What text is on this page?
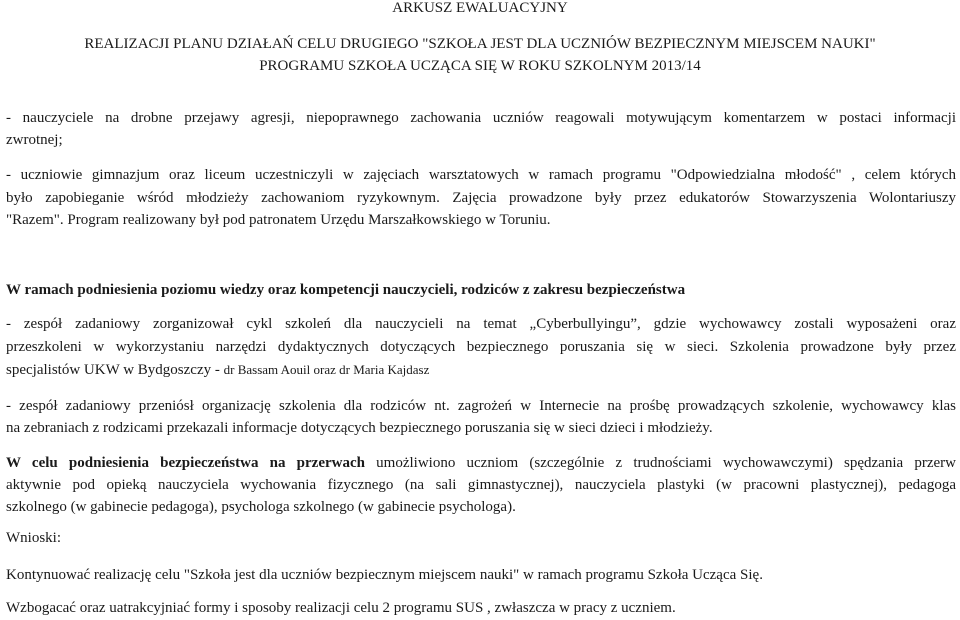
ARKUSZ EWALUACYJNY
REALIZACJI PLANU DZIAŁAŃ CELU DRUGIEGO "SZKOŁA JEST DLA UCZNIÓW BEZPIECZNYM MIEJSCEM NAUKI"
PROGRAMU SZKOŁA UCZĄCA SIĘ W ROKU SZKOLNYM 2013/14
- nauczyciele na drobne przejawy agresji, niepoprawnego zachowania uczniów reagowali motywującym komentarzem w postaci informacji
zwrotnej;
- uczniowie gimnazjum oraz liceum uczestniczyli w zajęciach warsztatowych w ramach programu "Odpowiedzialna młodość" , celem których
było zapobieganie wśród młodzieży zachowaniom ryzykownym. Zajęcia prowadzone były przez edukatorów Stowarzyszenia Wolontariuszy
"Razem". Program realizowany był pod patronatem Urzędu Marszałkowskiego w Toruniu.
W ramach podniesienia poziomu wiedzy oraz kompetencji nauczycieli, rodziców z zakresu bezpieczeństwa
- zespół zadaniowy zorganizował cykl szkoleń dla nauczycieli na temat „Cyberbullyingu”, gdzie wychowawcy zostali wyposażeni oraz
przeszkoleni w wykorzystaniu narzędzi dydaktycznych dotyczących bezpiecznego poruszania się w sieci. Szkolenia prowadzone były przez
specjalistów UKW w Bydgoszczy - dr Bassam Aouil oraz dr Maria Kajdasz
- zespół zadaniowy przeniósł organizację szkolenia dla rodziców nt. zagrożeń w Internecie na prośbę prowadzących szkolenie, wychowawcy klas
na zebraniach z rodzicami przekazali informacje dotyczących bezpiecznego poruszania się w sieci dzieci i młodzieży.
W celu podniesienia bezpieczeństwa na przerwach umożliwiono uczniom (szczególnie z trudnościami wychowawczymi) spędzania przerw
aktywnie pod opieką nauczyciela wychowania fizycznego (na sali gimnastycznej), nauczyciela plastyki (w pracowni plastycznej), pedagoga
szkolnego (w gabinecie pedagoga), psychologa szkolnego (w gabinecie psychologa).
Wnioski:
Kontynuować realizację celu "Szkoła jest dla uczniów bezpiecznym miejscem nauki" w ramach programu Szkoła Ucząca Się.
Wzbogacać oraz uatrakcyjniać formy i sposoby realizacji celu 2 programu SUS , zwłaszcza w pracy z uczniem.
